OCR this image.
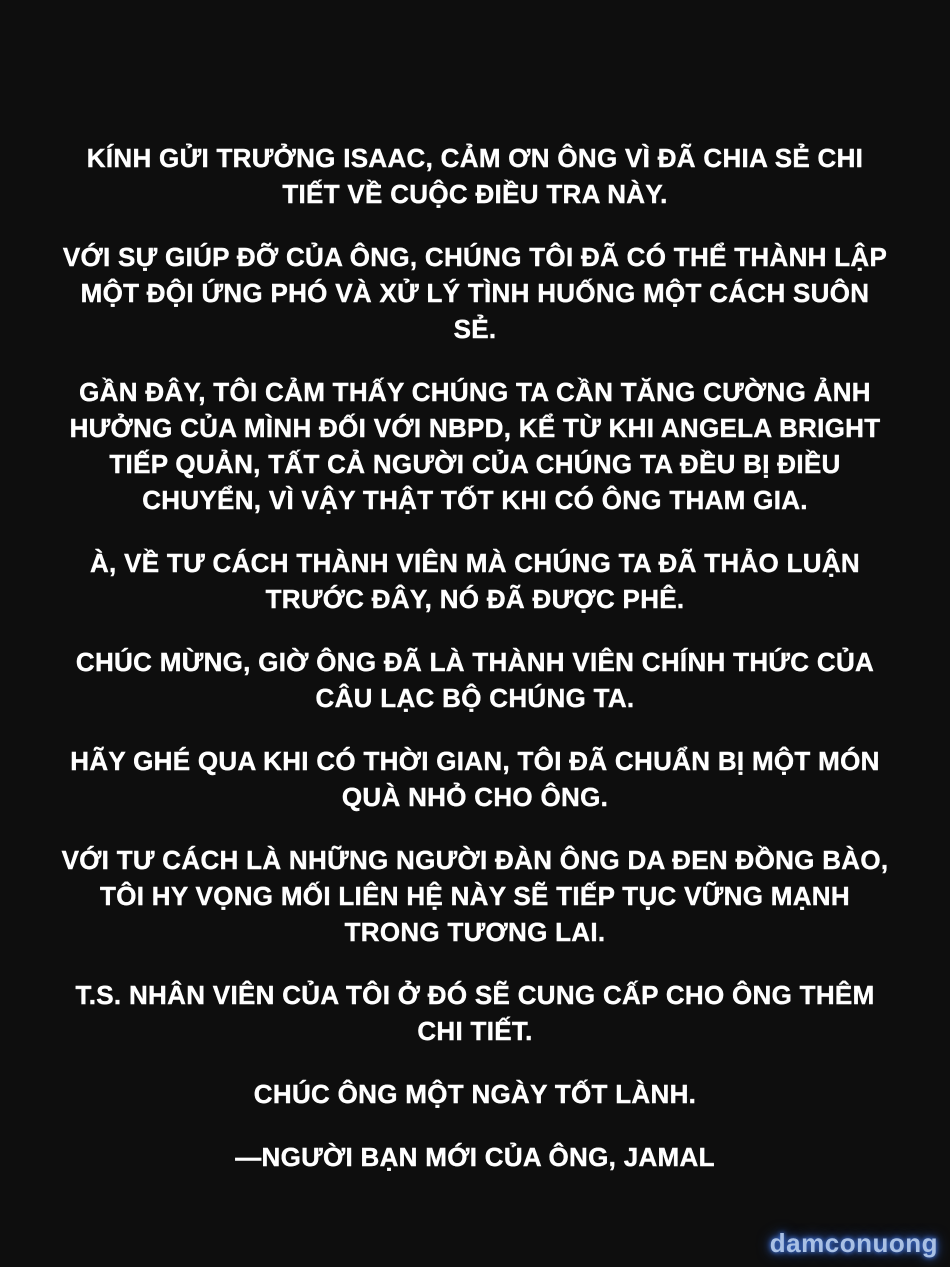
KÍNH GỬI TRƯỞNG ISAAC, CẢM ƠN ÔNG VÌ ĐÃ CHIA SẺ CHI TIẾT VỀ CUỘC ĐIỀU TRA NÀY.

VỚI SỰ GIÚP ĐỠ CỦA ÔNG, CHÚNG TÔI ĐÃ CÓ THỂ THÀNH LẬP MỘT ĐỘI ỨNG PHÓ VÀ XỬ LÝ TÌNH HUỐNG MỘT CÁCH SUÔN SẺ.

GẦN ĐÂY, TÔI CẢM THẤY CHÚNG TA CẦN TĂNG CƯỜNG ẢNH HƯỞNG CỦA MÌNH ĐỐI VỚI NBPD, KỂ TỪ KHI ANGELA BRIGHT TIẾP QUẢN, TẤT CẢ NGƯỜI CỦA CHÚNG TA ĐỀU BỊ ĐIỀU CHUYỂN, VÌ VẬY THẬT TỐT KHI CÓ ÔNG THAM GIA.

À, VỀ TƯ CÁCH THÀNH VIÊN MÀ CHÚNG TA ĐÃ THẢO LUẬN TRƯỚC ĐÂY, NÓ ĐÃ ĐƯỢC PHÊ.

CHÚC MỪNG, GIỜ ÔNG ĐÃ LÀ THÀNH VIÊN CHÍNH THỨC CỦA CÂU LẠC BỘ CHÚNG TA.

HÃY GHÉ QUA KHI CÓ THỜI GIAN, TÔI ĐÃ CHUẨN BỊ MỘT MÓN QUÀ NHỎ CHO ÔNG.

VỚI TƯ CÁCH LÀ NHỮNG NGƯỜI ĐÀN ÔNG DA ĐEN ĐỒNG BÀO, TÔI HY VỌNG MỐI LIÊN HỆ NÀY SẼ TIẾP TỤC VỮNG MẠNH TRONG TƯƠNG LAI.

T.S. NHÂN VIÊN CỦA TÔI Ở ĐÓ SẼ CUNG CẤP CHO ÔNG THÊM CHI TIẾT.

CHÚC ÔNG MỘT NGÀY TỐT LÀNH.

—NGƯỜI BẠN MỚI CỦA ÔNG, JAMAL

damconuong
